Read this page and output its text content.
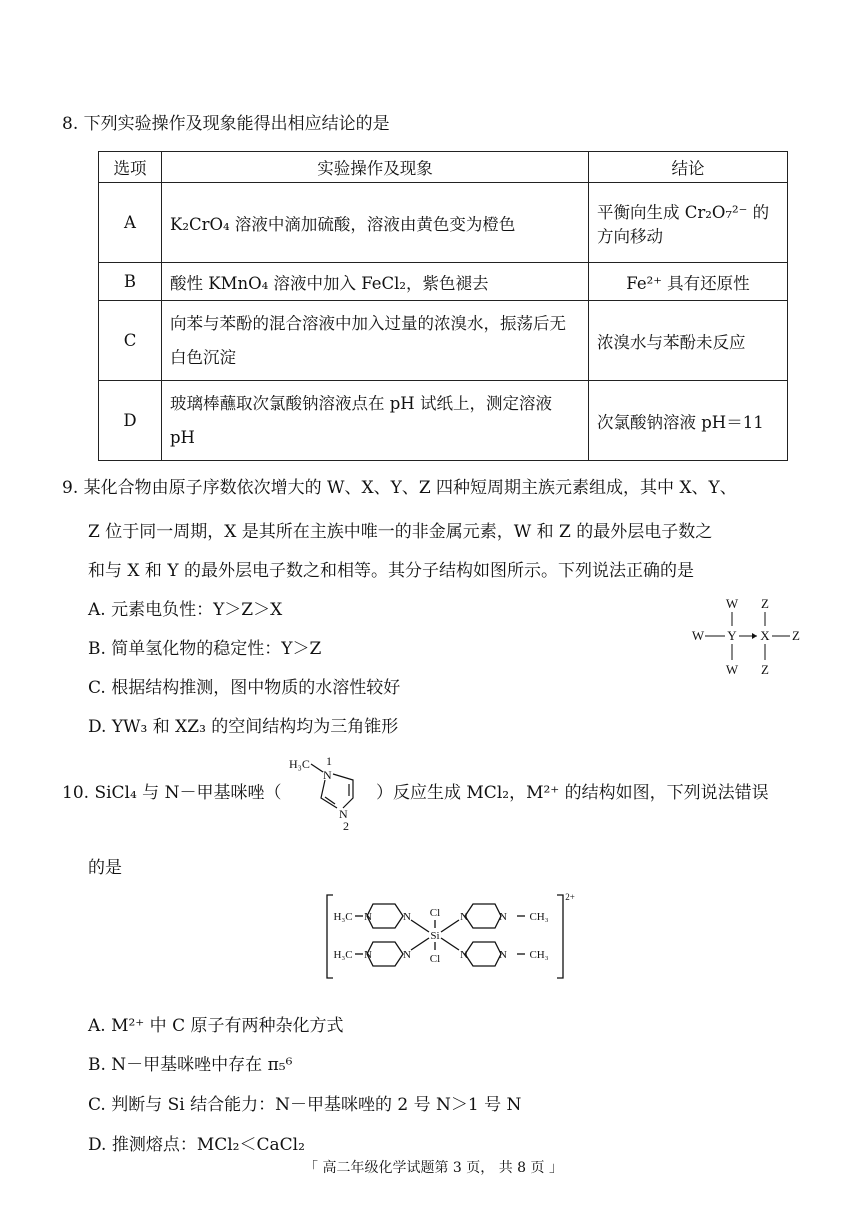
8. 下列实验操作及现象能得出相应结论的是
选项	实验操作及现象	结论
A	K₂CrO₄ 溶液中滴加硫酸，溶液由黄色变为橙色	平衡向生成 Cr₂O₇²⁻ 的方向移动
B	酸性 KMnO₄ 溶液中加入 FeCl₂，紫色褪去	Fe²⁺ 具有还原性
C	向苯与苯酚的混合溶液中加入过量的浓溴水，振荡后无白色沉淀	浓溴水与苯酚未反应
D	玻璃棒蘸取次氯酸钠溶液点在 pH 试纸上，测定溶液 pH	次氯酸钠溶液 pH＝11
9. 某化合物由原子序数依次增大的 W、X、Y、Z 四种短周期主族元素组成，其中 X、Y、
Z 位于同一周期，X 是其所在主族中唯一的非金属元素，W 和 Z 的最外层电子数之
和与 X 和 Y 的最外层电子数之和相等。其分子结构如图所示。下列说法正确的是
A. 元素电负性：Y＞Z＞X
B. 简单氢化物的稳定性：Y＞Z
C. 根据结构推测，图中物质的水溶性较好
D. YW₃ 和 XZ₃ 的空间结构均为三角锥形
W Z
W Y X Z
W Z
10. SiCl₄ 与 N－甲基咪唑（
H₃C
N
1
N
2
）反应生成 MCl₂，M²⁺ 的结构如图，下列说法错误
的是
H₃C
H₃C
CH₃
CH₃
N	N	N	N
N	N	N	N
Cl
Si
Cl
2+
A. M²⁺ 中 C 原子有两种杂化方式
B. N－甲基咪唑中存在 π₅⁶
C. 判断与 Si 结合能力：N－甲基咪唑的 2 号 N＞1 号 N
D. 推测熔点：MCl₂＜CaCl₂
「 高二年级化学试题第 3 页， 共 8 页 」
